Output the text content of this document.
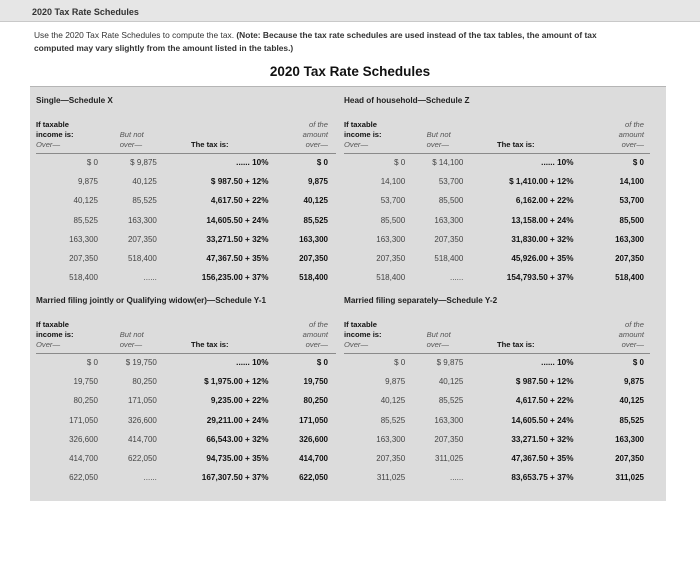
2020 Tax Rate Schedules
Use the 2020 Tax Rate Schedules to compute the tax. (Note: Because the tax rate schedules are used instead of the tax tables, the amount of tax computed may vary slightly from the amount listed in the tables.)
2020 Tax Rate Schedules
Single—Schedule X
If taxable
income is:
Over—
But not
over—	The tax is:
of the
amount
over—
$ 0	$ 9,875	...... 10%	$ 0
9,875	40,125	$ 987.50 + 12%	9,875
40,125	85,525	4,617.50 + 22%	40,125
85,525	163,300	14,605.50 + 24%	85,525
163,300	207,350	33,271.50 + 32%	163,300
207,350	518,400	47,367.50 + 35%	207,350
518,400	......	156,235.00 + 37%	518,400
Head of household—Schedule Z
If taxable
income is:
Over—
But not
over—	The tax is:
of the
amount
over—
$ 0	$ 14,100	...... 10%	$ 0
14,100	53,700	$ 1,410.00 + 12%	14,100
53,700	85,500	6,162.00 + 22%	53,700
85,500	163,300	13,158.00 + 24%	85,500
163,300	207,350	31,830.00 + 32%	163,300
207,350	518,400	45,926.00 + 35%	207,350
518,400	......	154,793.50 + 37%	518,400
Married filing jointly or Qualifying widow(er)—Schedule Y-1
If taxable
income is:
Over—
But not
over—	The tax is:
of the
amount
over—
$ 0	$ 19,750	...... 10%	$ 0
19,750	80,250	$ 1,975.00 + 12%	19,750
80,250	171,050	9,235.00 + 22%	80,250
171,050	326,600	29,211.00 + 24%	171,050
326,600	414,700	66,543.00 + 32%	326,600
414,700	622,050	94,735.00 + 35%	414,700
622,050	......	167,307.50 + 37%	622,050
Married filing separately—Schedule Y-2
If taxable
income is:
Over—
But not
over—	The tax is:
of the
amount
over—
$ 0	$ 9,875	...... 10%	$ 0
9,875	40,125	$ 987.50 + 12%	9,875
40,125	85,525	4,617.50 + 22%	40,125
85,525	163,300	14,605.50 + 24%	85,525
163,300	207,350	33,271.50 + 32%	163,300
207,350	311,025	47,367.50 + 35%	207,350
311,025	......	83,653.75 + 37%	311,025
